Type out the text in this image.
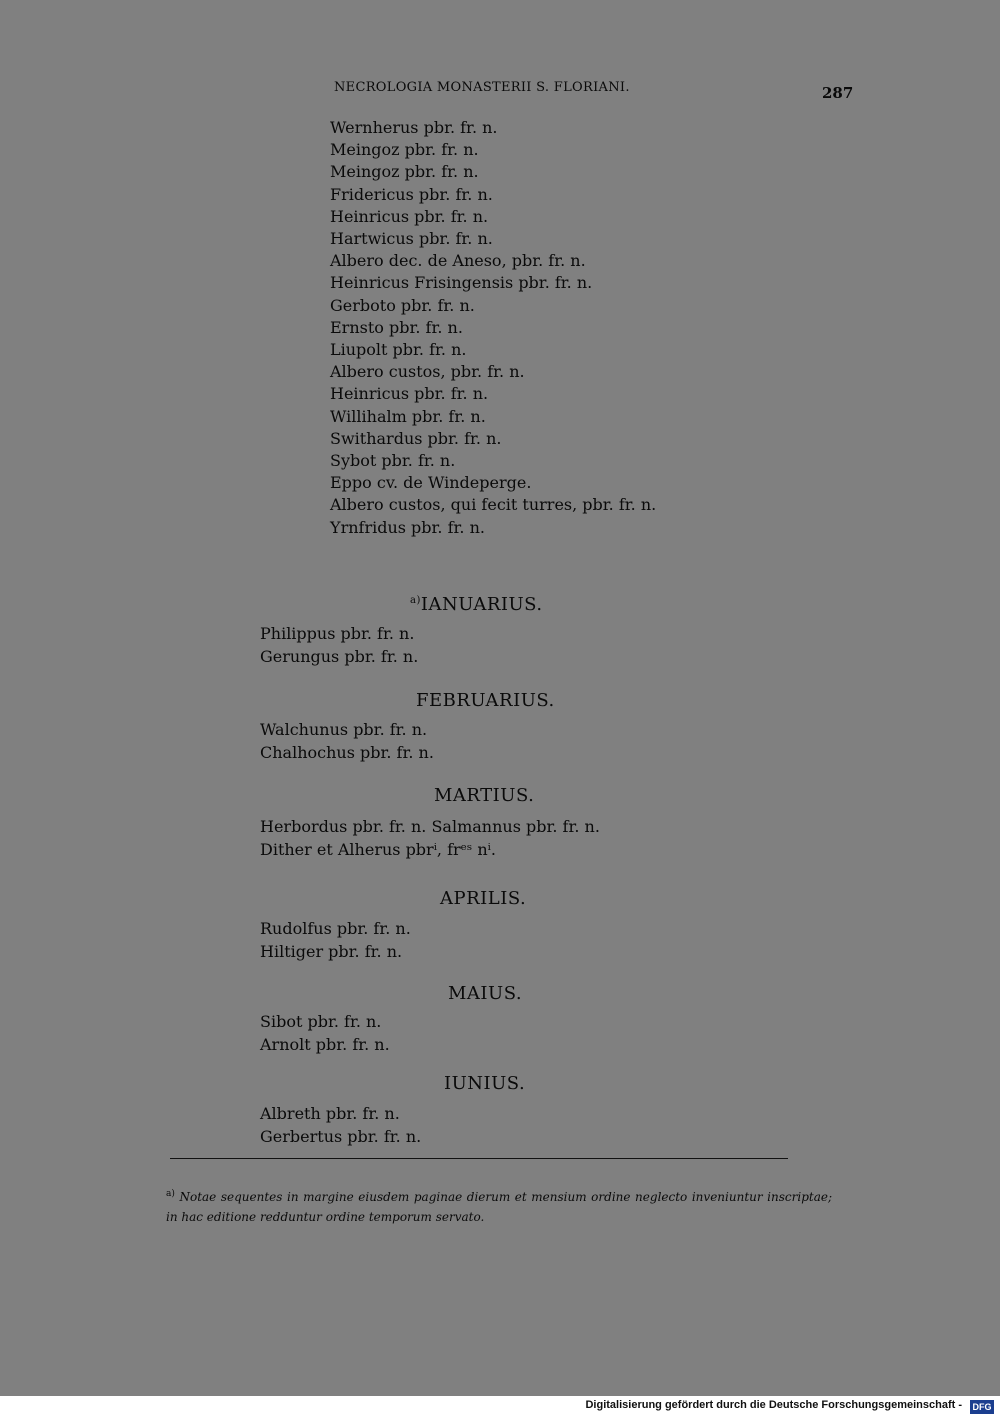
NECROLOGIA MONASTERII S. FLORIANI.	287
Wernherus pbr. fr. n.
Meingoz pbr. fr. n.
Meingoz pbr. fr. n.
Fridericus pbr. fr. n.
Heinricus pbr. fr. n.
Hartwicus pbr. fr. n.
Albero dec. de Aneso, pbr. fr. n.
Heinricus Frisingensis pbr. fr. n.
Gerboto pbr. fr. n.
Ernsto pbr. fr. n.
Liupolt pbr. fr. n.
Albero custos, pbr. fr. n.
Heinricus pbr. fr. n.
Willihalm pbr. fr. n.
Swithardus pbr. fr. n.
Sybot pbr. fr. n.
Eppo cv. de Windeperge.
Albero custos, qui fecit turres, pbr. fr. n.
Yrnfridus pbr. fr. n.
$^{a)}$IANUARIUS.
Philippus pbr. fr. n.
Gerungus pbr. fr. n.
FEBRUARIUS.
Walchunus pbr. fr. n.
Chalhochus pbr. fr. n.
MARTIUS.
Herbordus pbr. fr. n. Salmannus pbr. fr. n.
Dither et Alherus pbrⁱ, frᵉˢ nⁱ.
APRILIS.
Rudolfus pbr. fr. n.
Hiltiger pbr. fr. n.
MAIUS.
Sibot pbr. fr. n.
Arnolt pbr. fr. n.
IUNIUS.
Albreth pbr. fr. n.
Gerbertus pbr. fr. n.
$^{a)}$ Notae sequentes in margine eiusdem paginae dierum et mensium ordine neglecto inveniuntur inscriptae; in hac editione redduntur ordine temporum servato.
Digitalisierung gefördert durch die Deutsche Forschungsgemeinschaft - DFG
